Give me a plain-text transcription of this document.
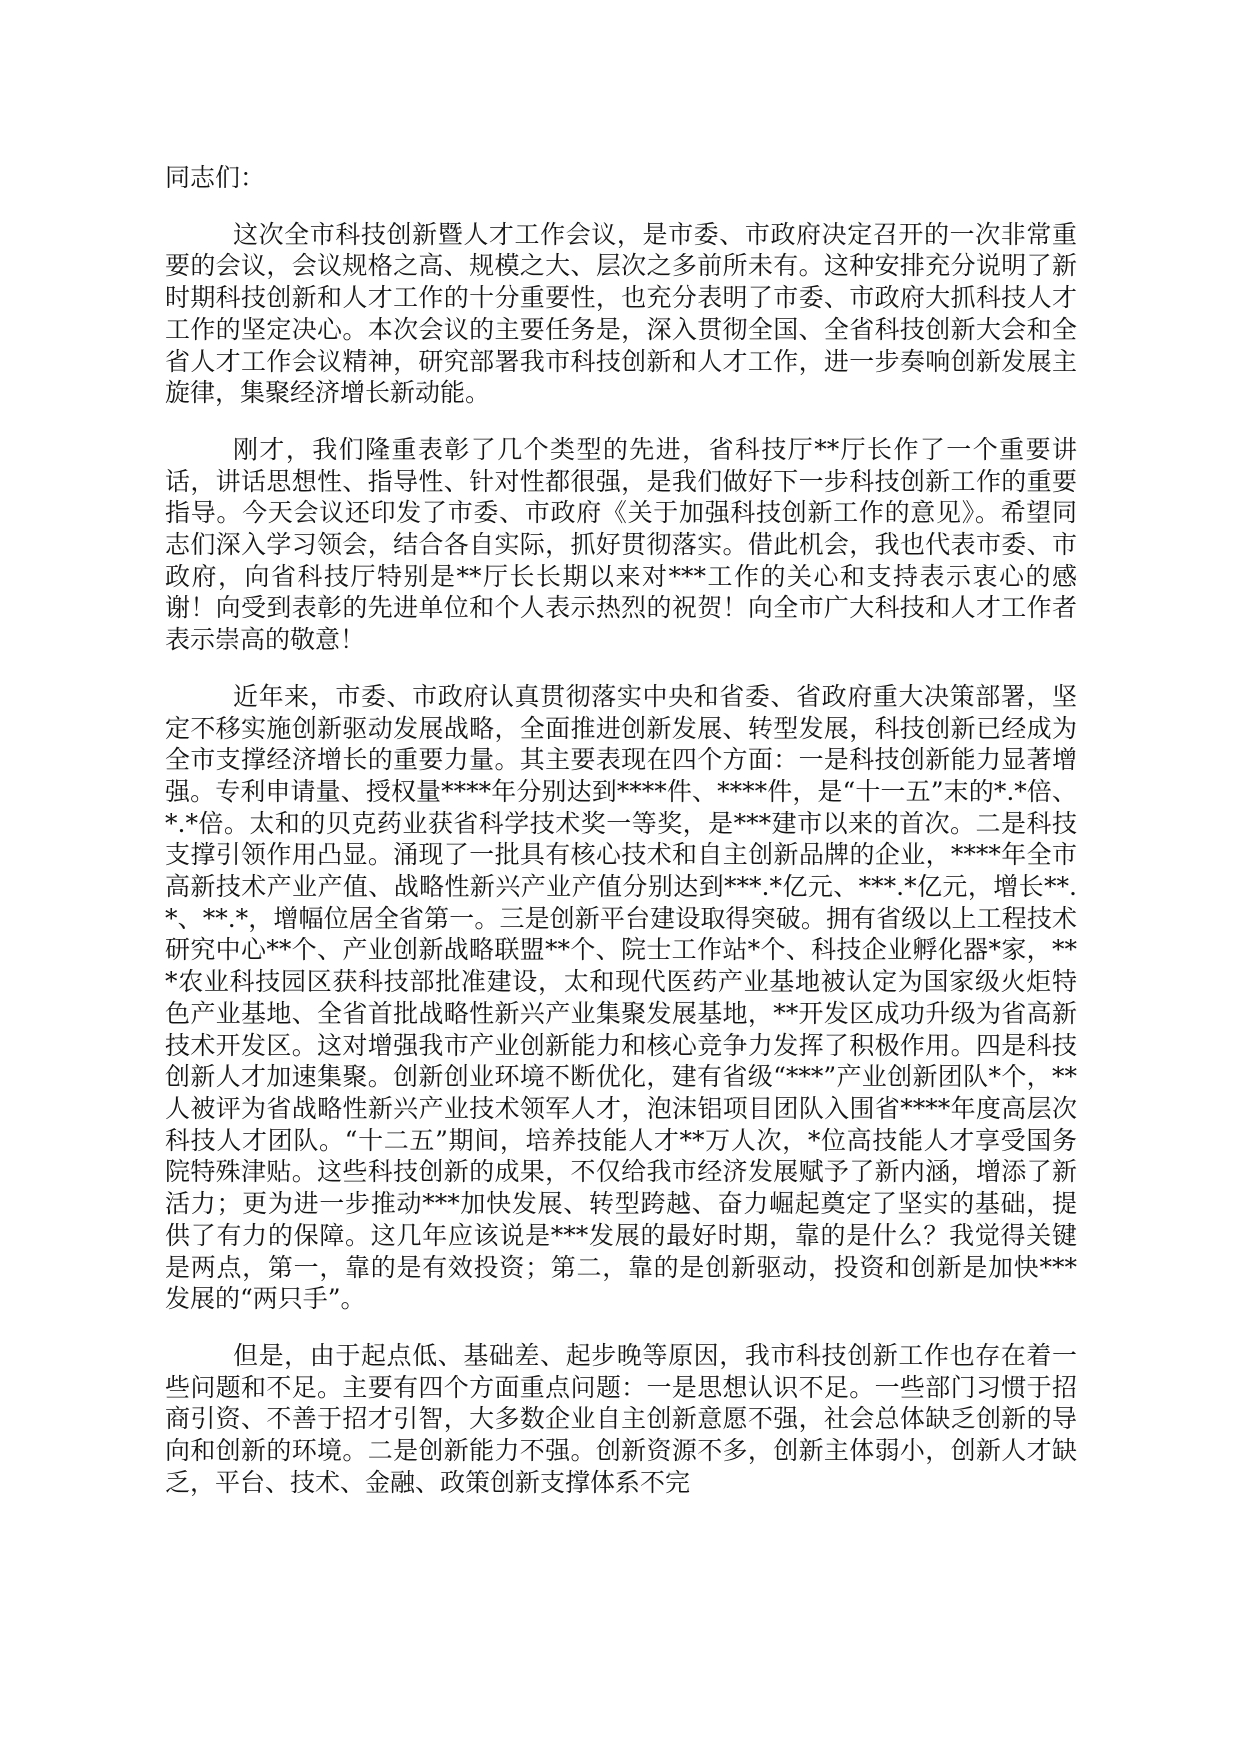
同志们：

这次全市科技创新暨人才工作会议，是市委、市政府决定召开的一次非常重要的会议，会议规格之高、规模之大、层次之多前所未有。这种安排充分说明了新时期科技创新和人才工作的十分重要性，也充分表明了市委、市政府大抓科技人才工作的坚定决心。本次会议的主要任务是，深入贯彻全国、全省科技创新大会和全省人才工作会议精神，研究部署我市科技创新和人才工作，进一步奏响创新发展主旋律，集聚经济增长新动能。

刚才，我们隆重表彰了几个类型的先进，省科技厅**厅长作了一个重要讲话，讲话思想性、指导性、针对性都很强，是我们做好下一步科技创新工作的重要指导。今天会议还印发了市委、市政府《关于加强科技创新工作的意见》。希望同志们深入学习领会，结合各自实际，抓好贯彻落实。借此机会，我也代表市委、市政府，向省科技厅特别是**厅长长期以来对***工作的关心和支持表示衷心的感谢！向受到表彰的先进单位和个人表示热烈的祝贺！向全市广大科技和人才工作者表示崇高的敬意！

近年来，市委、市政府认真贯彻落实中央和省委、省政府重大决策部署，坚定不移实施创新驱动发展战略，全面推进创新发展、转型发展，科技创新已经成为全市支撑经济增长的重要力量。其主要表现在四个方面：一是科技创新能力显著增强。专利申请量、授权量****年分别达到****件、****件，是“十一五”末的*.*倍、*.*倍。太和的贝克药业获省科学技术奖一等奖，是***建市以来的首次。二是科技支撑引领作用凸显。涌现了一批具有核心技术和自主创新品牌的企业，****年全市高新技术产业产值、战略性新兴产业产值分别达到***.*亿元、***.*亿元，增长**.*、**.*，增幅位居全省第一。三是创新平台建设取得突破。拥有省级以上工程技术研究中心**个、产业创新战略联盟**个、院士工作站*个、科技企业孵化器*家，***农业科技园区获科技部批准建设，太和现代医药产业基地被认定为国家级火炬特色产业基地、全省首批战略性新兴产业集聚发展基地，**开发区成功升级为省高新技术开发区。这对增强我市产业创新能力和核心竞争力发挥了积极作用。四是科技创新人才加速集聚。创新创业环境不断优化，建有省级“***”产业创新团队*个，**人被评为省战略性新兴产业技术领军人才，泡沫铝项目团队入围省****年度高层次科技人才团队。“十二五”期间，培养技能人才**万人次，*位高技能人才享受国务院特殊津贴。这些科技创新的成果，不仅给我市经济发展赋予了新内涵，增添了新活力；更为进一步推动***加快发展、转型跨越、奋力崛起奠定了坚实的基础，提供了有力的保障。这几年应该说是***发展的最好时期，靠的是什么？我觉得关键是两点，第一，靠的是有效投资；第二，靠的是创新驱动，投资和创新是加快***发展的“两只手”。

但是，由于起点低、基础差、起步晚等原因，我市科技创新工作也存在着一些问题和不足。主要有四个方面重点问题：一是思想认识不足。一些部门习惯于招商引资、不善于招才引智，大多数企业自主创新意愿不强，社会总体缺乏创新的导向和创新的环境。二是创新能力不强。创新资源不多，创新主体弱小，创新人才缺乏，平台、技术、金融、政策创新支撑体系不完
